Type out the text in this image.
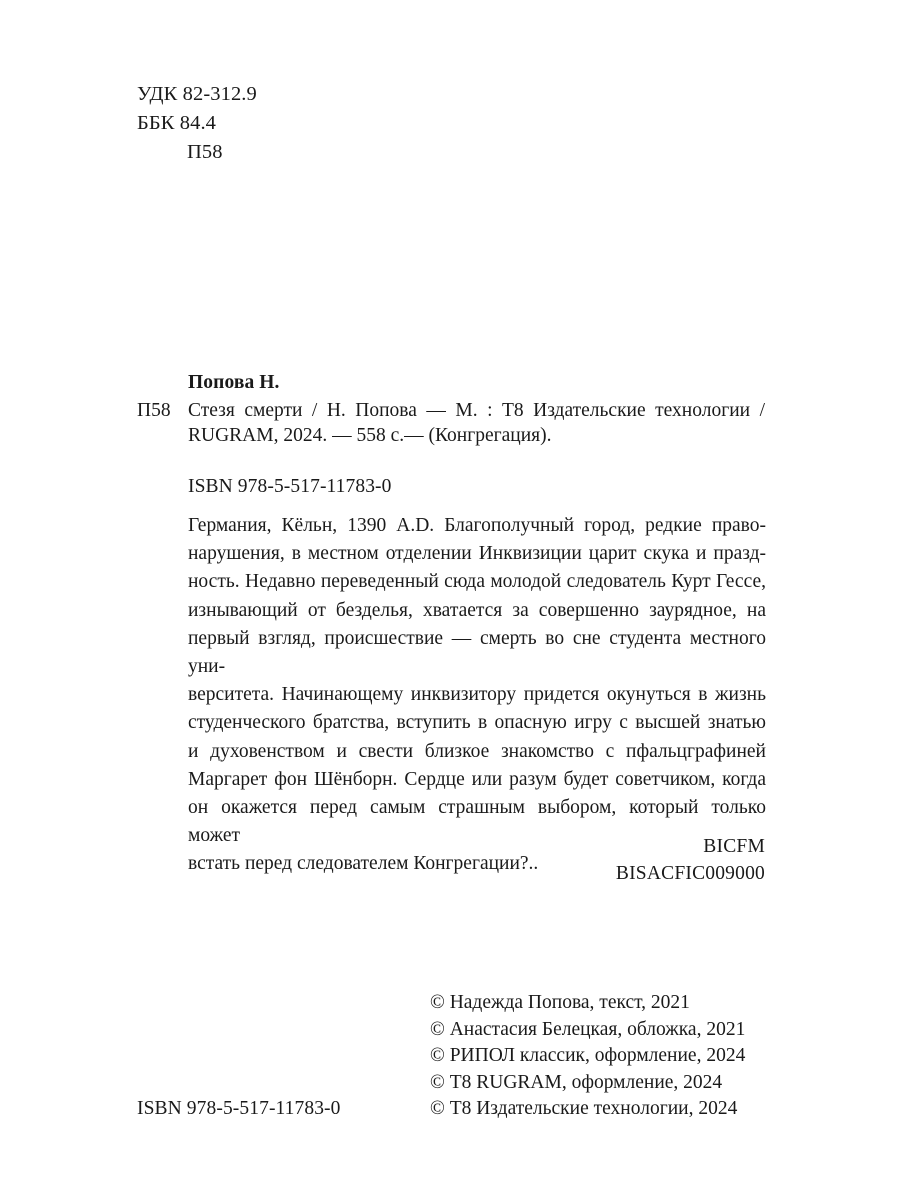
УДК 82-312.9
ББК 84.4
П58
Попова Н.
П58 Стезя смерти / Н. Попова — М. : Т8 Издательские технологии / RUGRAM, 2024. — 558 с.— (Конгрегация).
ISBN 978-5-517-11783-0
Германия, Кёльн, 1390 A.D. Благополучный город, редкие право-
нарушения, в местном отделении Инквизиции царит скука и празд-
ность. Недавно переведенный сюда молодой следователь Курт Гессе,
изнывающий от безделья, хватается за совершенно заурядное, на
первый взгляд, происшествие — смерть во сне студента местного уни-
верситета. Начинающему инквизитору придется окунуться в жизнь
студенческого братства, вступить в опасную игру с высшей знатью
и духовенством и свести близкое знакомство с пфальцграфиней
Маргарет фон Шёнборн. Сердце или разум будет советчиком, когда
он окажется перед самым страшным выбором, который только может
встать перед следователем Конгрегации?..
BICFM
BISACFIC009000
© Надежда Попова, текст, 2021
© Анастасия Белецкая, обложка, 2021
© РИПОЛ классик, оформление, 2024
© Т8 RUGRAM, оформление, 2024
© Т8 Издательские технологии, 2024
ISBN 978-5-517-11783-0
